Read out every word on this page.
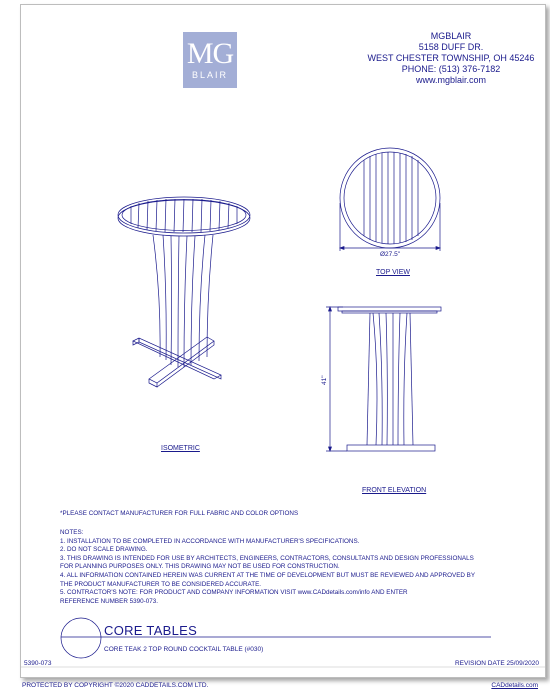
Ø27.5"
41"
MG
BLAIR
MGBLAIR
5158 DUFF DR.
WEST CHESTER TOWNSHIP, OH 45246
PHONE: (513) 376-7182
www.mgblair.com
TOP VIEW
ISOMETRIC
FRONT ELEVATION
*PLEASE CONTACT MANUFACTURER FOR FULL FABRIC AND COLOR OPTIONS
NOTES:
1. INSTALLATION TO BE COMPLETED IN ACCORDANCE WITH MANUFACTURER'S SPECIFICATIONS.
2. DO NOT SCALE DRAWING.
3. THIS DRAWING IS INTENDED FOR USE BY ARCHITECTS, ENGINEERS, CONTRACTORS, CONSULTANTS AND DESIGN PROFESSIONALS
FOR PLANNING PURPOSES ONLY. THIS DRAWING MAY NOT BE USED FOR CONSTRUCTION.
4. ALL INFORMATION CONTAINED HEREIN WAS CURRENT AT THE TIME OF DEVELOPMENT BUT MUST BE REVIEWED AND APPROVED BY
THE PRODUCT MANUFACTURER TO BE CONSIDERED ACCURATE.
5. CONTRACTOR'S NOTE: FOR PRODUCT AND COMPANY INFORMATION VISIT www.CADdetails.com/info AND ENTER
REFERENCE NUMBER 5390-073.
CORE TABLES
CORE TEAK 2 TOP ROUND COCKTAIL TABLE (#030)
5390-073	REVISION DATE 25/09/2020
PROTECTED BY COPYRIGHT ©2020 CADDETAILS.COM LTD.	CADdetails.com
